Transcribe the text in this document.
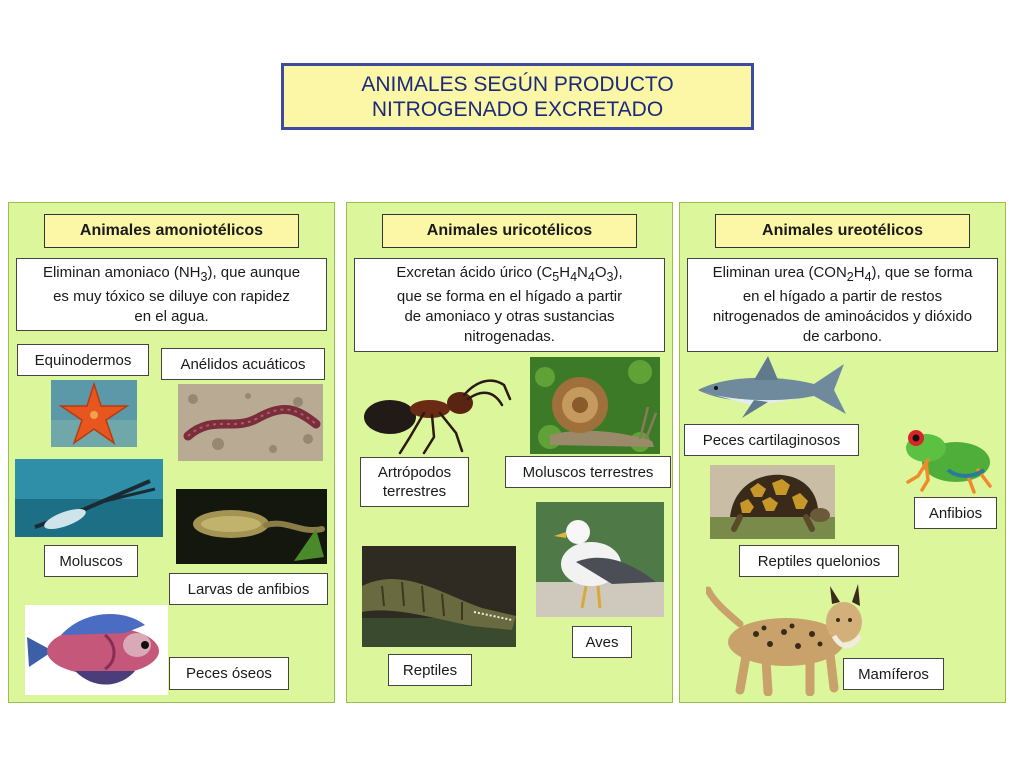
ANIMALES SEGÚN PRODUCTO
NITROGENADO EXCRETADO
Animales amoniotélicos
Eliminan amoniaco $(NH_3)$, que aunque
es muy tóxico se diluye con rapidez
en el agua.
Equinodermos	Anélidos acuáticos
Moluscos
Larvas de anfibios
Peces óseos
Animales uricotélicos
Excretan ácido úrico $(C_5H_4N_4O_3)$,
que se forma en el hígado a partir
de amoniaco y otras sustancias
nitrogenadas.
Artrópodos
terrestres
Moluscos terrestres
Aves
Reptiles
Animales ureotélicos
Eliminan urea $(CON_2H_4)$, que se forma
en el hígado a partir de restos
nitrogenados de aminoácidos y dióxido
de carbono.
Peces cartilaginosos
Anfibios
Reptiles quelonios
Mamíferos
